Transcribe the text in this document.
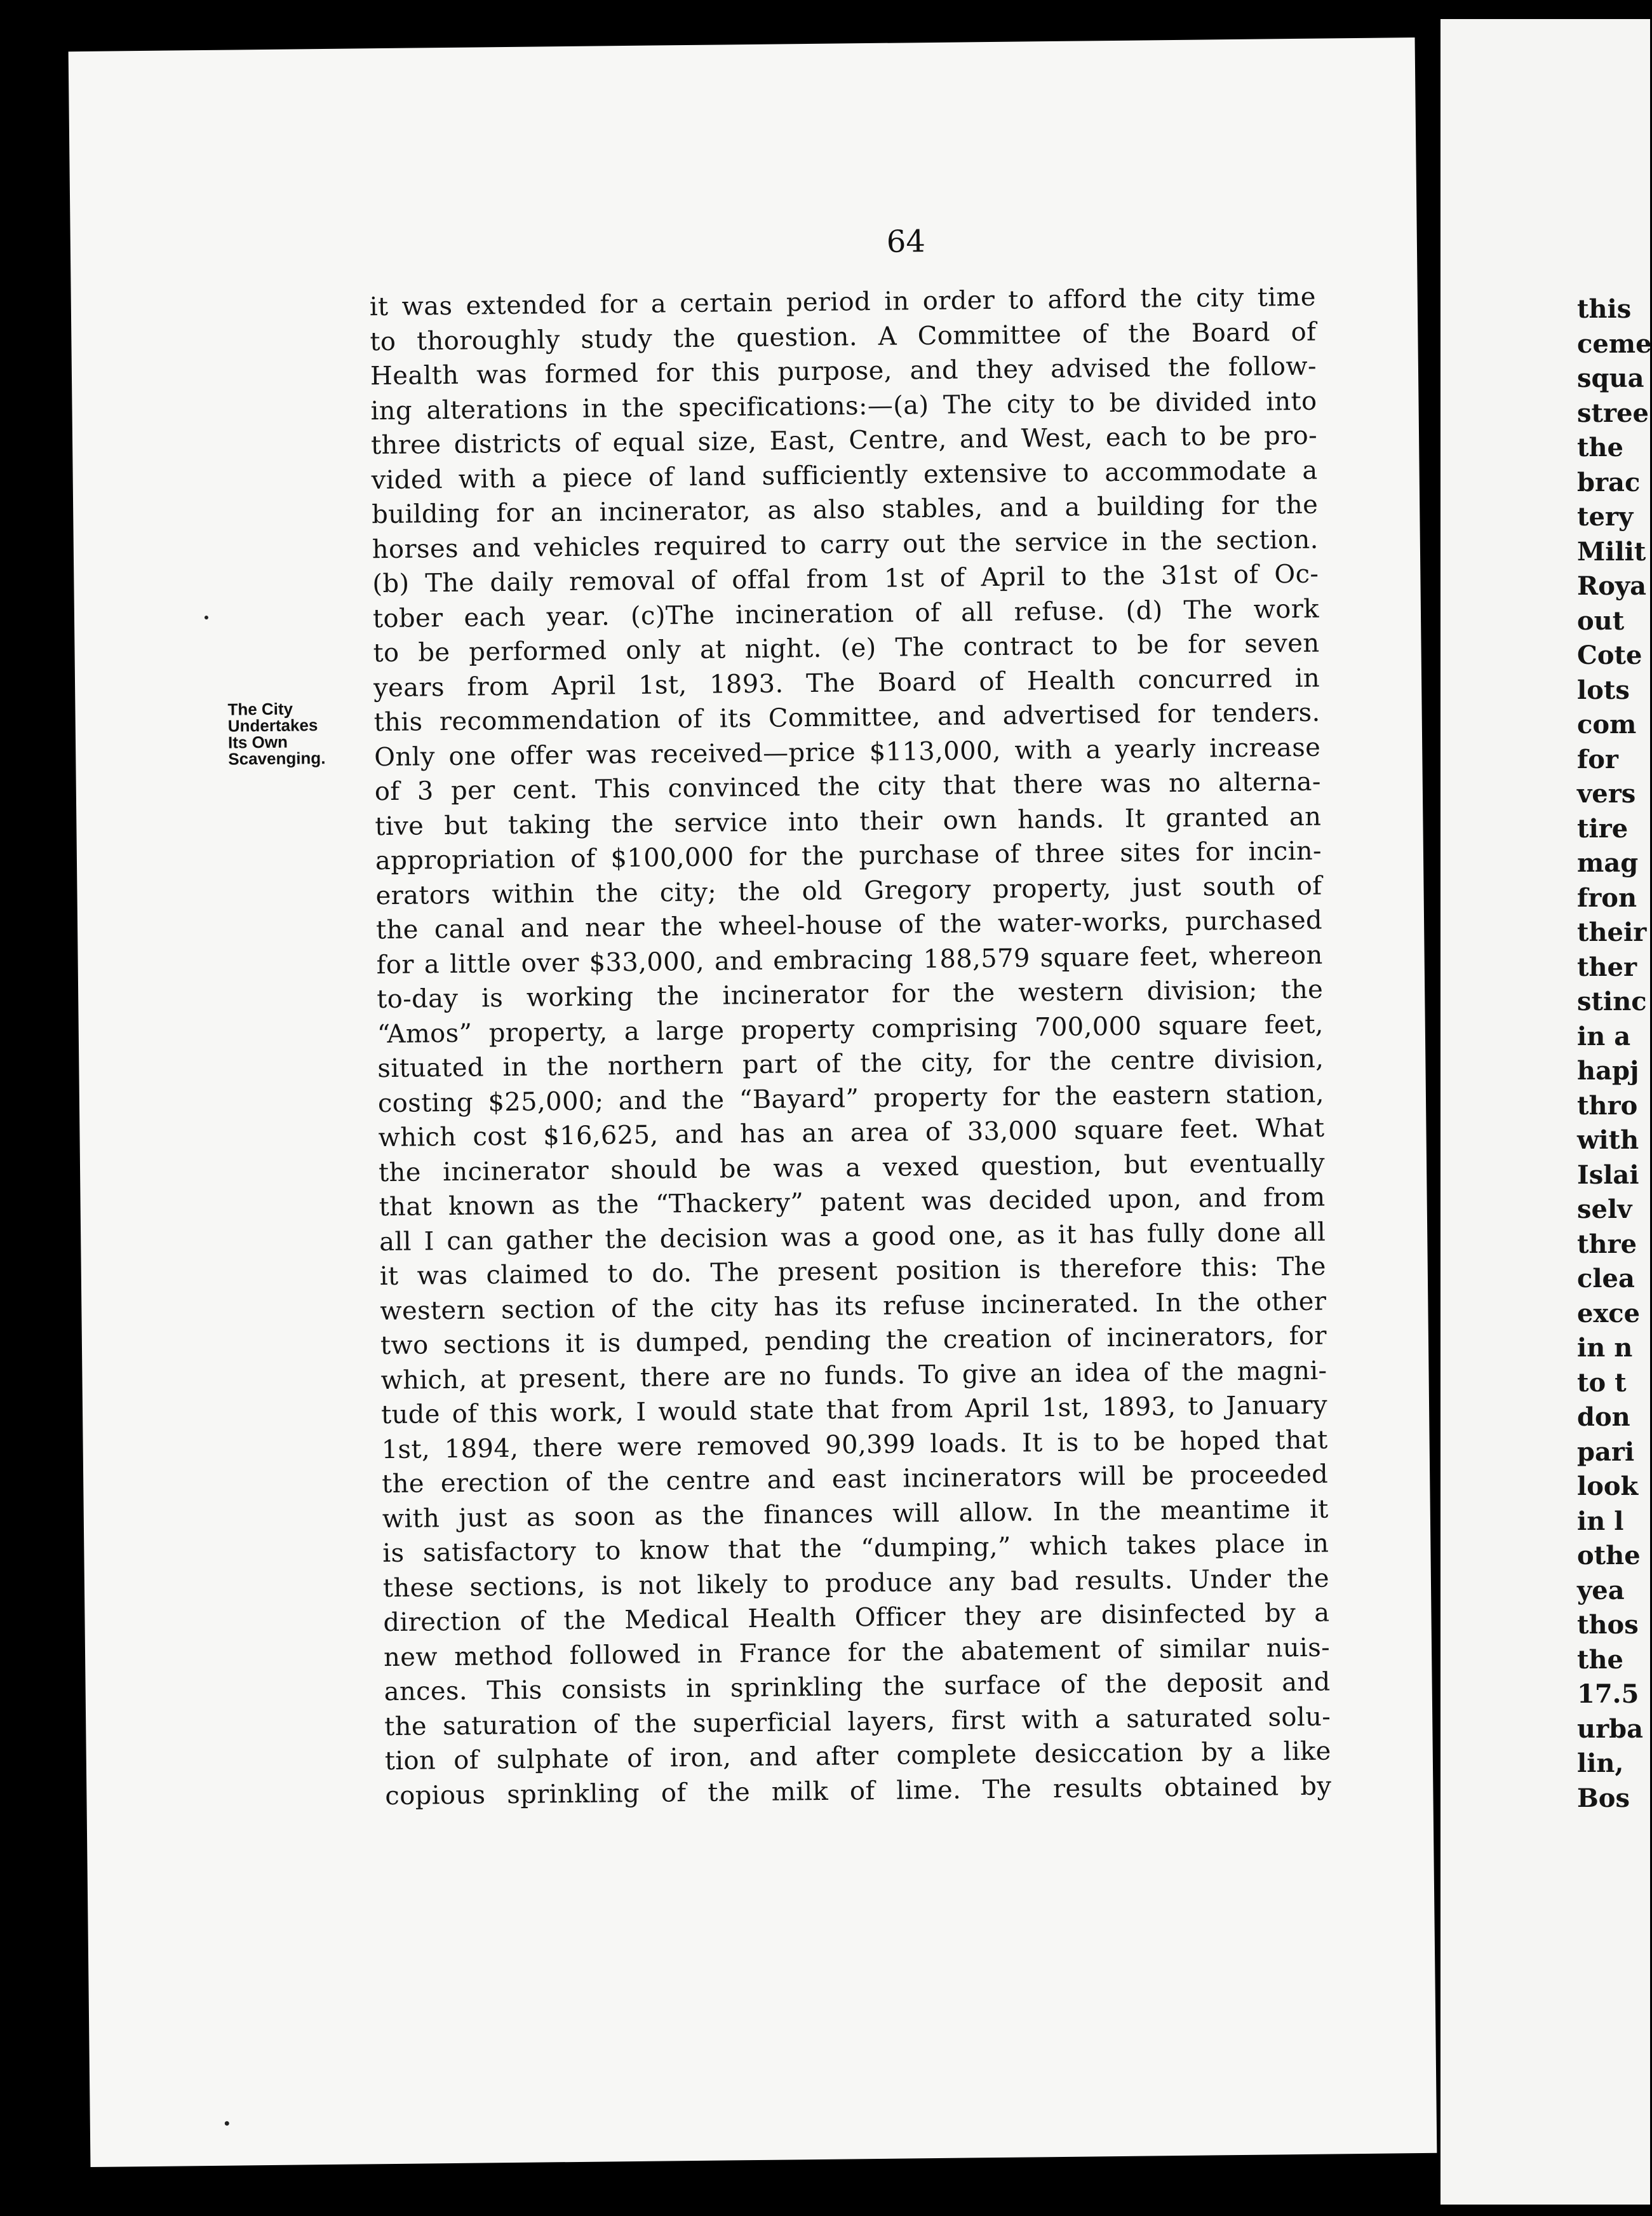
64
The City
Undertakes
Its Own
Scavenging.
it was extended for a certain period in order to afford the city time
to thoroughly study the question. A Committee of the Board of
Health was formed for this purpose, and they advised the follow-
ing alterations in the specifications:—(a) The city to be divided into
three districts of equal size, East, Centre, and West, each to be pro-
vided with a piece of land sufficiently extensive to accommodate a
building for an incinerator, as also stables, and a building for the
horses and vehicles required to carry out the service in the section.
(b) The daily removal of offal from 1st of April to the 31st of Oc-
tober each year. (c)The incineration of all refuse. (d) The work
to be performed only at night. (e) The contract to be for seven
years from April 1st, 1893. The Board of Health concurred in
this recommendation of its Committee, and advertised for tenders.
Only one offer was received—price $113,000, with a yearly increase
of 3 per cent. This convinced the city that there was no alterna-
tive but taking the service into their own hands. It granted an
appropriation of $100,000 for the purchase of three sites for incin-
erators within the city; the old Gregory property, just south of
the canal and near the wheel-house of the water-works, purchased
for a little over $33,000, and embracing 188,579 square feet, whereon
to-day is working the incinerator for the western division; the
“Amos” property, a large property comprising 700,000 square feet,
situated in the northern part of the city, for the centre division,
costing $25,000; and the “Bayard” property for the eastern station,
which cost $16,625, and has an area of 33,000 square feet. What
the incinerator should be was a vexed question, but eventually
that known as the “Thackery” patent was decided upon, and from
all I can gather the decision was a good one, as it has fully done all
it was claimed to do. The present position is therefore this: The
western section of the city has its refuse incinerated. In the other
two sections it is dumped, pending the creation of incinerators, for
which, at present, there are no funds. To give an idea of the magni-
tude of this work, I would state that from April 1st, 1893, to January
1st, 1894, there were removed 90,399 loads. It is to be hoped that
the erection of the centre and east incinerators will be proceeded
with just as soon as the finances will allow. In the meantime it
is satisfactory to know that the “dumping,” which takes place in
these sections, is not likely to produce any bad results. Under the
direction of the Medical Health Officer they are disinfected by a
new method followed in France for the abatement of similar nuis-
ances. This consists in sprinkling the surface of the deposit and
the saturation of the superficial layers, first with a saturated solu-
tion of sulphate of iron, and after complete desiccation by a like
copious sprinkling of the milk of lime. The results obtained by
this
ceme
squa
stree
the
brac
tery
Milit
Roya
out
Cote
lots
com
for
vers
tire
mag
fron
their
ther
stinc
in a
hapj
thro
with
Islai
selv
thre
clea
exce
in n
to t
don
pari
look
in l
othe
yea
thos
the
17.5
urba
lin,
Bos
